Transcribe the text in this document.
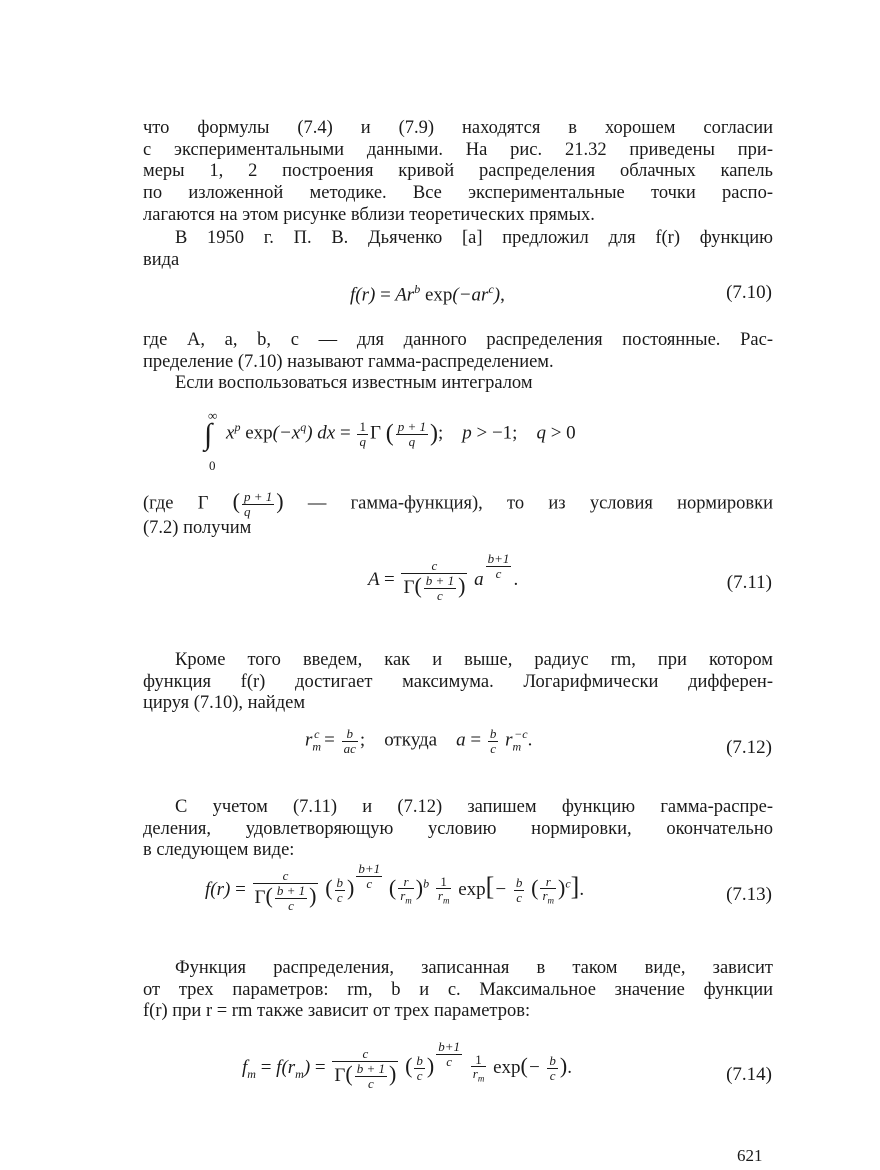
что формулы (7.4) и (7.9) находятся в хорошем согласии
с экспериментальными данными. На рис. 21.32 приведены при-
меры 1, 2 построения кривой распределения облачных капель
по изложенной методике. Все экспериментальные точки распо-
лагаются на этом рисунке вблизи теоретических прямых.
В 1950 г. П. В. Дьяченко [а] предложил для f(r) функцию
вида
$f(r) = Ar^b$ $\exp(-ar^c)$,	(7.10)
где A, a, b, c — для данного распределения постоянные. Рас-
пределение (7.10) называют гамма-распределением.
Если воспользоваться известным интегралом
∞
∫
0
$x^p$ $\exp(-x^q)$ dx = $\frac{1}{q}$ Г ( $\frac{p + 1}{q}$ );    p > −1;    q > 0
(где Г ( $\frac{p + 1}{q}$ ) — гамма-функция), то из условия нормировки
(7.2) получим
$A = \frac{c}{Г( \frac{b + 1}{c} )}$ a $\frac{b+1}{c}$ .	(7.11)
Кроме того введем, как и выше, радиус rm, при котором
функция f(r) достигает максимума. Логарифмически дифферен-
цируя (7.10), найдем
$r_m^c = \frac{b}{ac}$ ; откуда    $a = \frac{b}{c} r_m^{-c}$.	(7.12)
С учетом (7.11) и (7.12) запишем функцию гамма-распре-
деления, удовлетворяющую условию нормировки, окончательно
в следующем виде:
$f(r) = \frac{c}{Г( \frac{b + 1}{c} )}$ ( $\frac{b}{c}$ ) $\frac{b+1}{c}$ ( $\frac{r}{r_m} )^b \frac{1}{r_m} \exp[- \frac{b}{c}$ ( $\frac{r}{r_m} )^c$].	(7.13)
Функция распределения, записанная в таком виде, зависит
от трех параметров: rm, b и c. Максимальное значение функции
f(r) при r = rm также зависит от трех параметров:
$f_m = f(r_m) = \frac{c}{Г( \frac{b + 1}{c} )}$ ( $\frac{b}{c}$ ) $\frac{b+1}{c}$
$\frac{1}{r_m} \exp(- \frac{b}{c}$ ).	(7.14)
621
